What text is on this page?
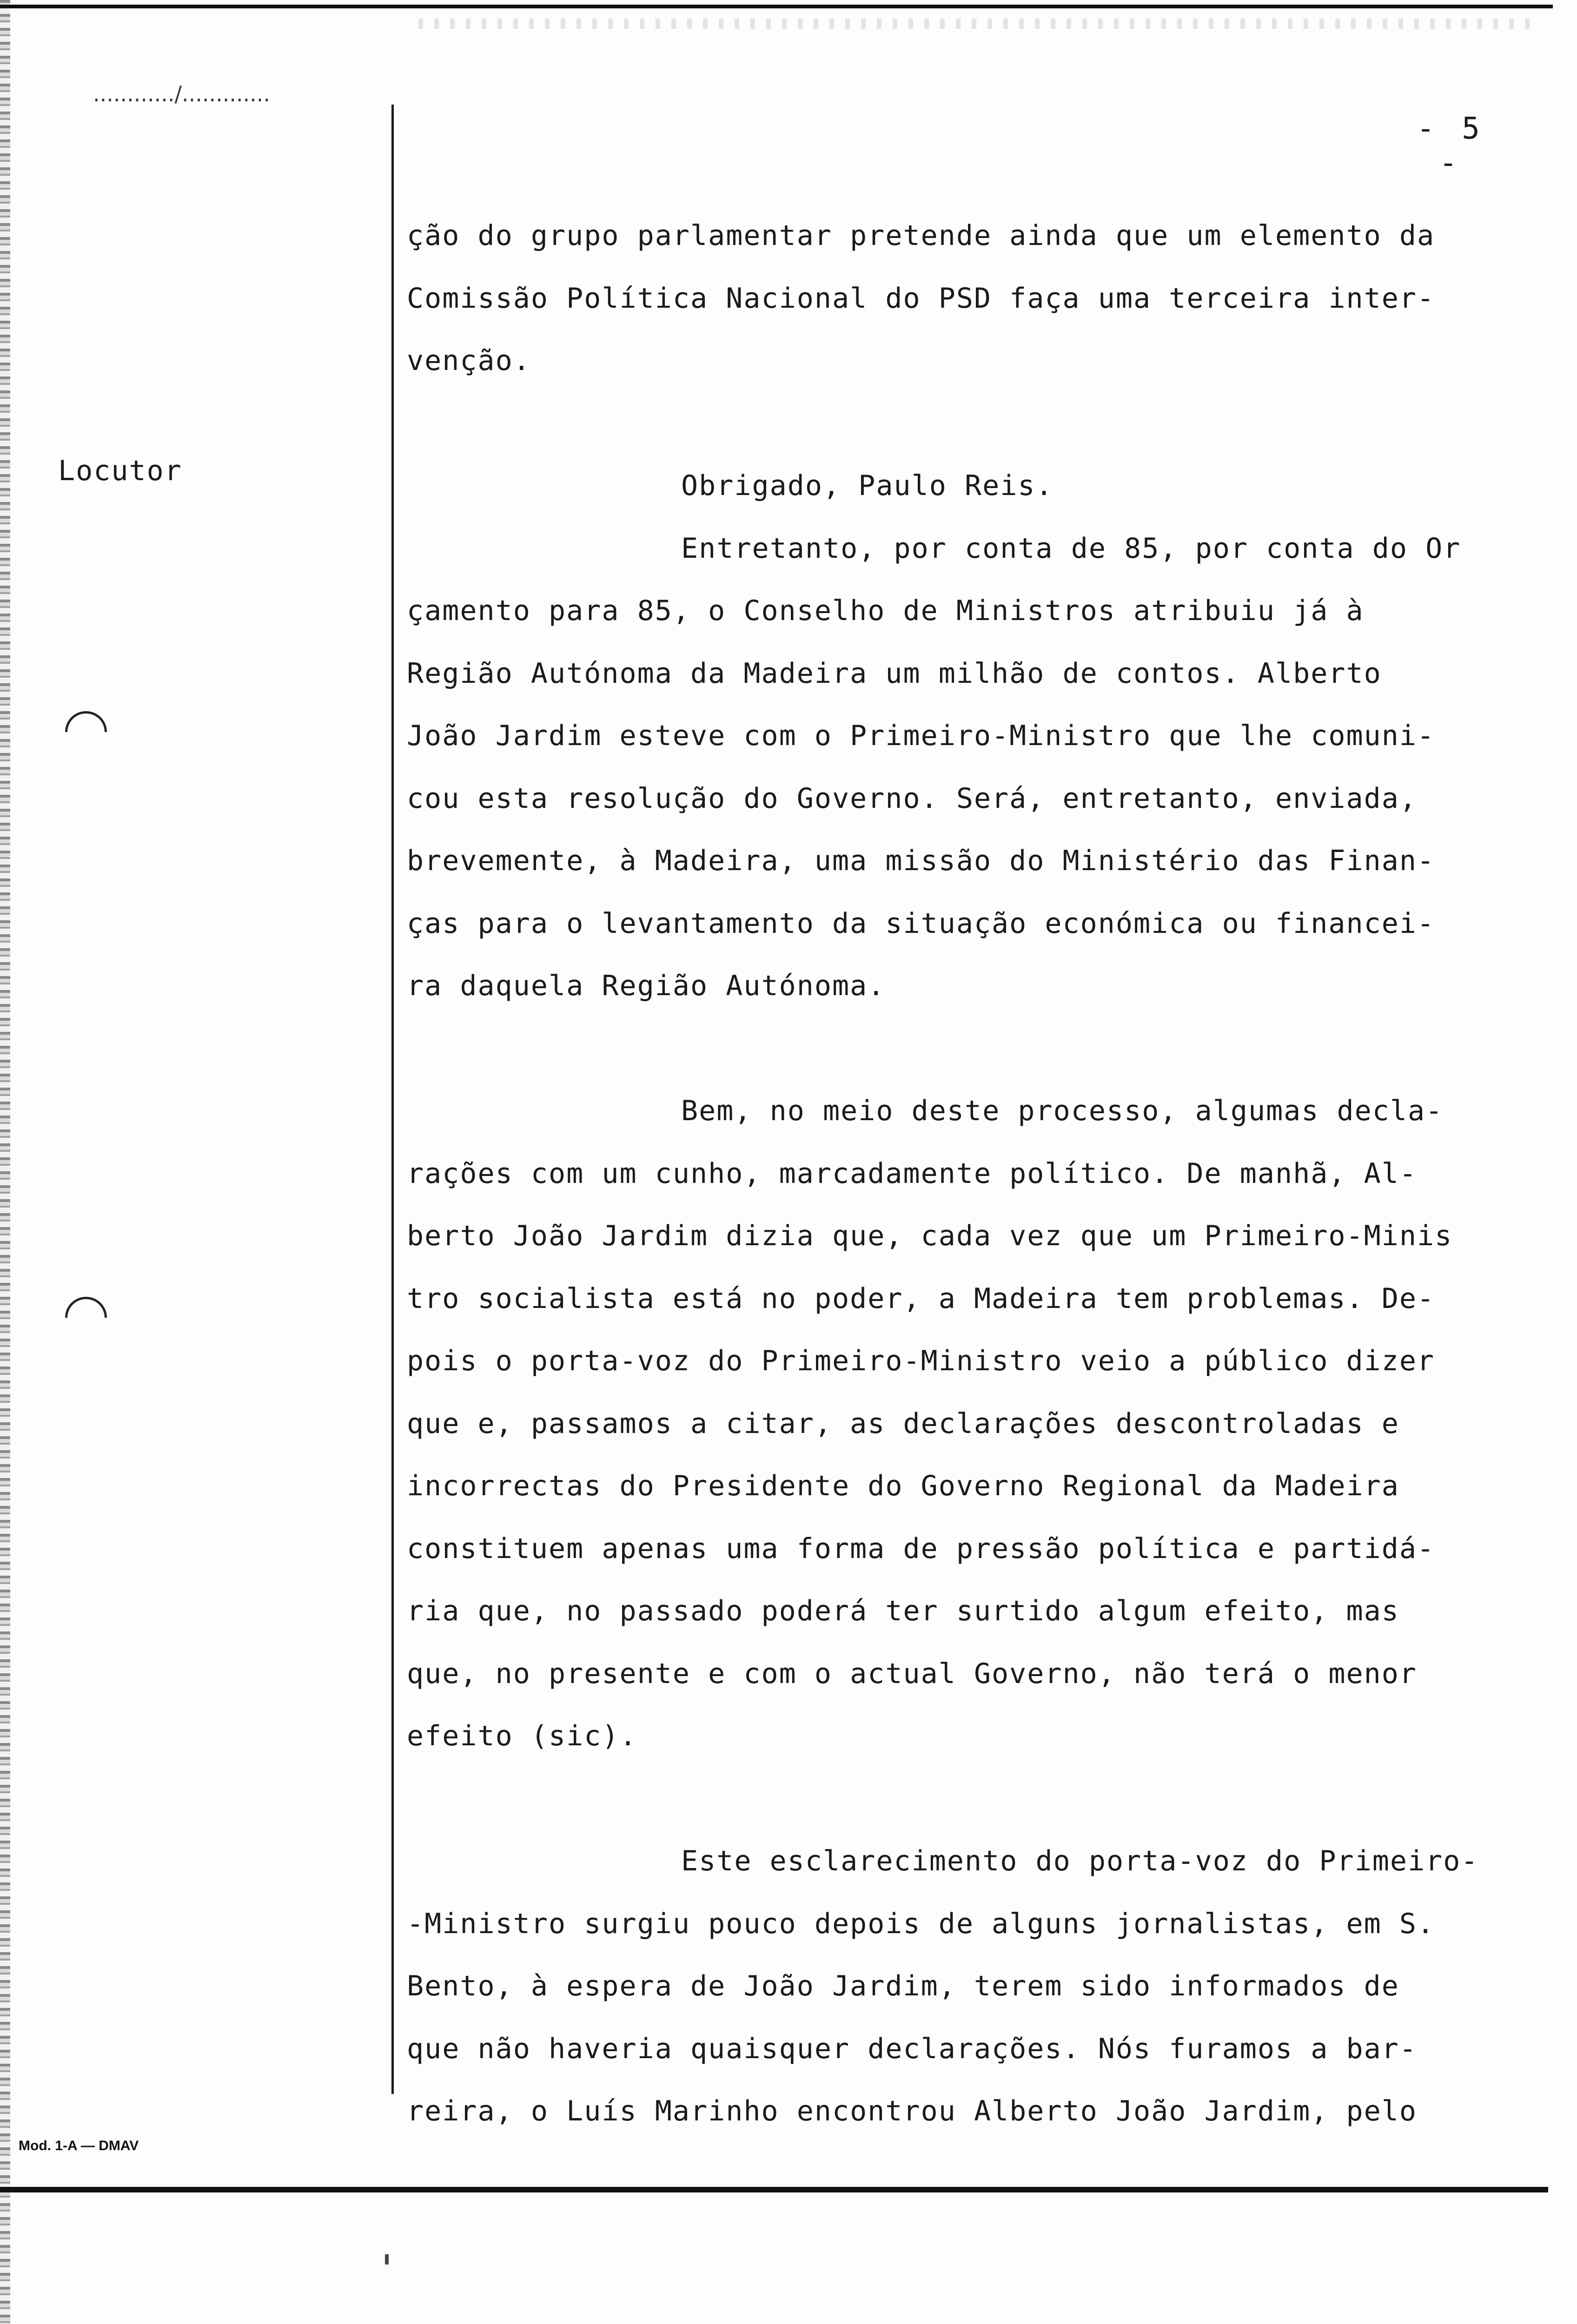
............/.............
- 5 -
Locutor
ção do grupo parlamentar pretende ainda que um elemento da
Comissão Política Nacional do PSD faça uma terceira inter-
venção.
Obrigado, Paulo Reis.
Entretanto, por conta de 85, por conta do Or
çamento para 85, o Conselho de Ministros atribuiu já à
Região Autónoma da Madeira um milhão de contos. Alberto
João Jardim esteve com o Primeiro-Ministro que lhe comuni-
cou esta resolução do Governo. Será, entretanto, enviada,
brevemente, à Madeira, uma missão do Ministério das Finan-
ças para o levantamento da situação económica ou financei-
ra daquela Região Autónoma.
Bem, no meio deste processo, algumas decla-
rações com um cunho, marcadamente político. De manhã, Al-
berto João Jardim dizia que, cada vez que um Primeiro-Minis
tro socialista está no poder, a Madeira tem problemas. De-
pois o porta-voz do Primeiro-Ministro veio a público dizer
que e, passamos a citar, as declarações descontroladas e
incorrectas do Presidente do Governo Regional da Madeira
constituem apenas uma forma de pressão política e partidá-
ria que, no passado poderá ter surtido algum efeito, mas
que, no presente e com o actual Governo, não terá o menor
efeito (sic).
Este esclarecimento do porta-voz do Primeiro-
-Ministro surgiu pouco depois de alguns jornalistas, em S.
Bento, à espera de João Jardim, terem sido informados de
que não haveria quaisquer declarações. Nós furamos a bar-
reira, o Luís Marinho encontrou Alberto João Jardim, pelo
Mod. 1-A — DMAV
